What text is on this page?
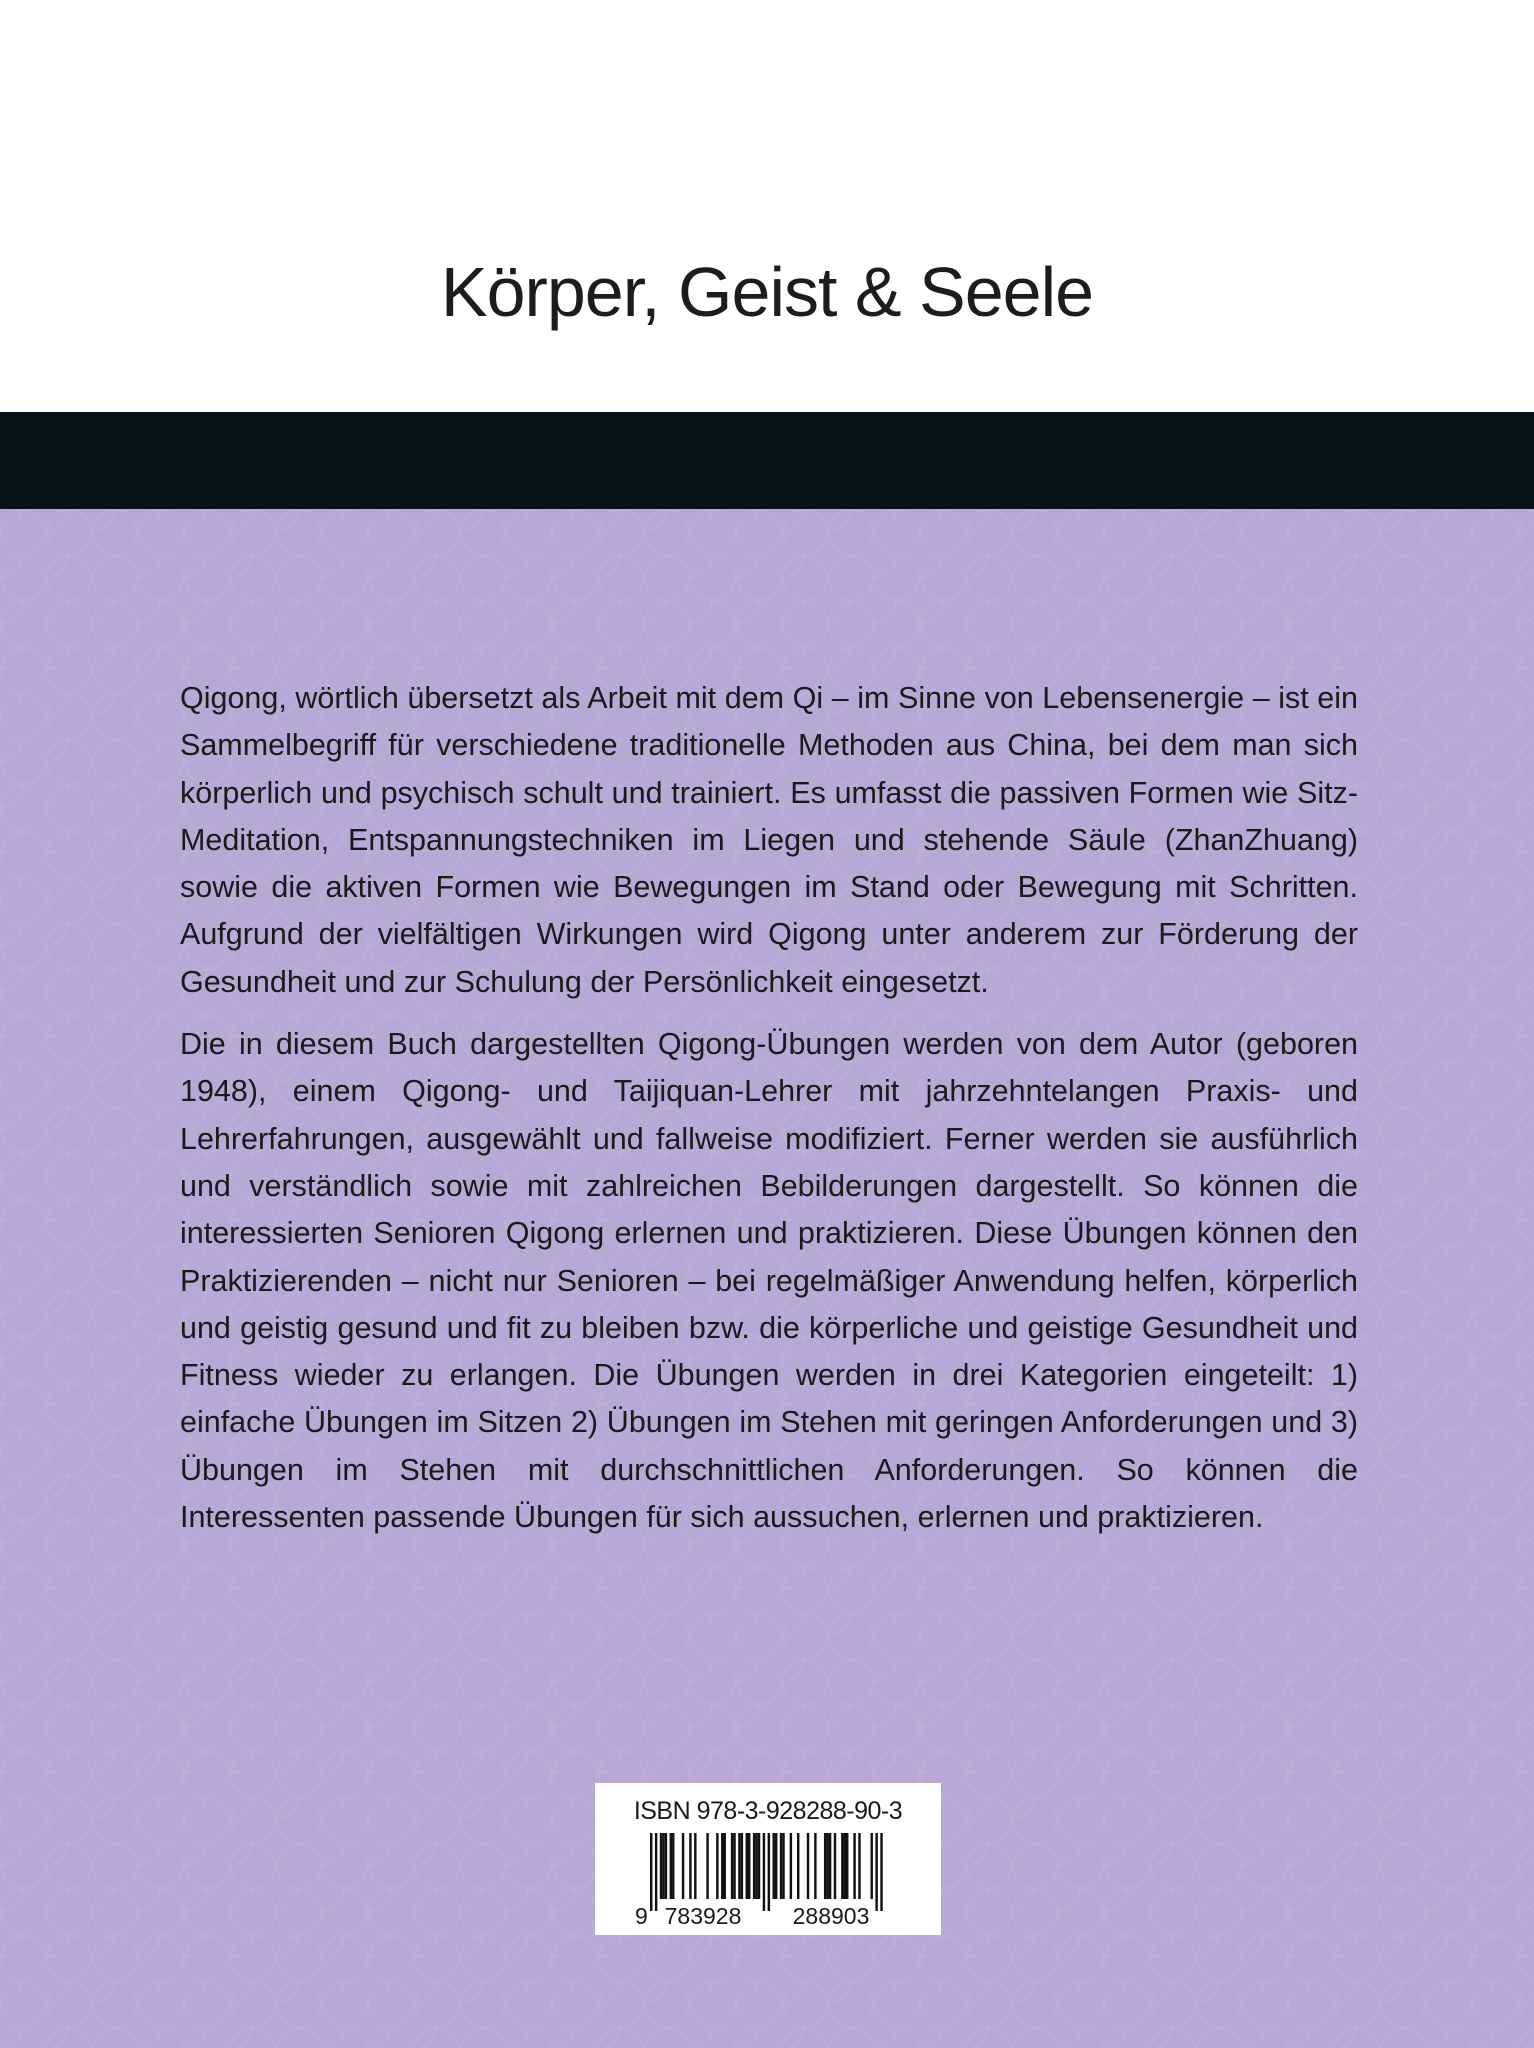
Körper, Geist & Seele

Qigong, wörtlich übersetzt als Arbeit mit dem Qi – im Sinne von Lebensenergie – ist ein Sammelbegriff für verschiedene traditionelle Methoden aus China, bei dem man sich körperlich und psychisch schult und trainiert. Es umfasst die passiven Formen wie Sitz-Meditation, Entspannungstechniken im Liegen und stehende Säule (ZhanZhuang) sowie die aktiven Formen wie Bewegungen im Stand oder Bewegung mit Schritten. Aufgrund der vielfältigen Wirkungen wird Qigong unter anderem zur Förderung der Gesundheit und zur Schulung der Persönlichkeit eingesetzt.

Die in diesem Buch dargestellten Qigong-Übungen werden von dem Autor (geboren 1948), einem Qigong- und Taijiquan-Lehrer mit jahrzehntelangen Praxis- und Lehrerfahrungen, ausgewählt und fallweise modifiziert. Ferner werden sie ausführlich und verständlich sowie mit zahlreichen Bebilderungen dargestellt. So können die interessierten Senioren Qigong erlernen und praktizieren. Diese Übungen können den Praktizierenden – nicht nur Senioren – bei regelmäßiger Anwendung helfen, körperlich und geistig gesund und fit zu bleiben bzw. die körperliche und geistige Gesundheit und Fitness wieder zu erlangen. Die Übungen werden in drei Kategorien eingeteilt: 1) einfache Übungen im Sitzen 2) Übungen im Stehen mit geringen Anforderungen und 3) Übungen im Stehen mit durchschnittlichen Anforderungen. So können die Interessenten passende Übungen für sich aussuchen, erlernen und praktizieren.

ISBN 978-3-928288-90-3
9 783928 288903
